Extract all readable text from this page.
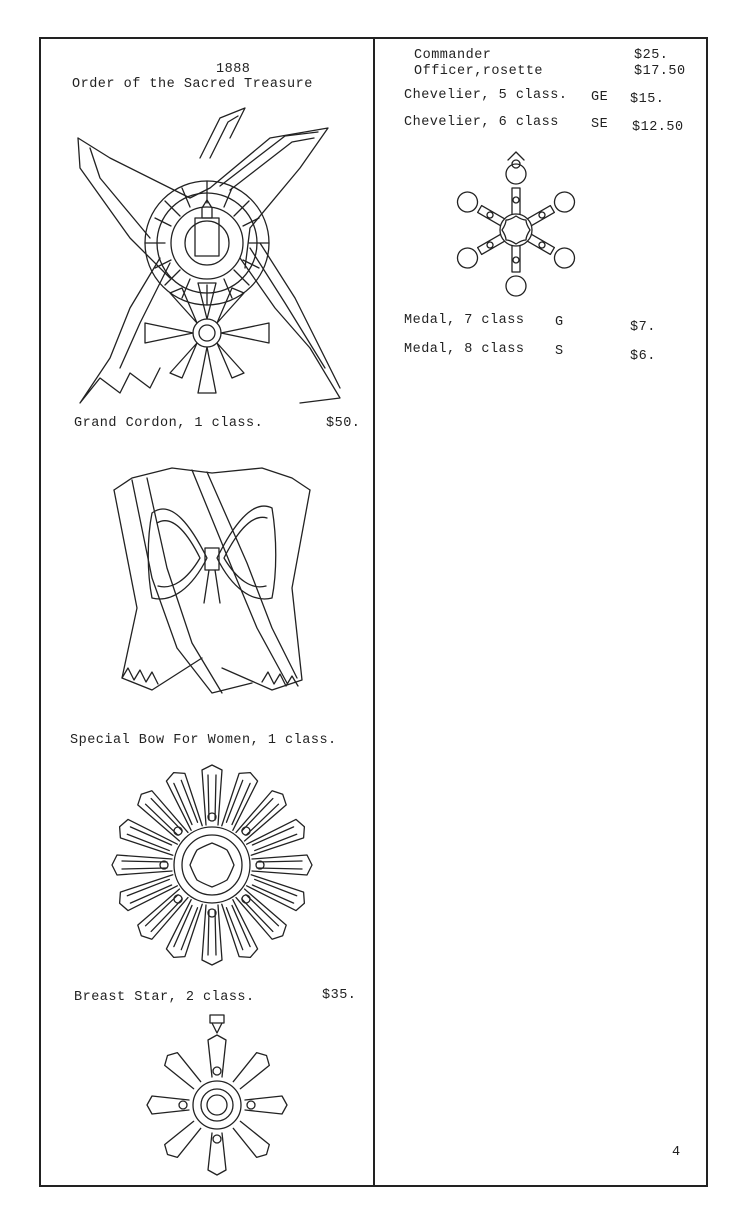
1888
Order of the Sacred Treasure
Grand Cordon, 1 class.	$50.
Special Bow For Women, 1 class.
Breast Star, 2 class.	$35.
Commander	$25.
Officer,rosette	$17.50
Chevelier, 5 class. GE $15.
Chevelier, 6 class SE $12.50
Medal, 7 class G	$7.
Medal, 8 class S	$6.
4
